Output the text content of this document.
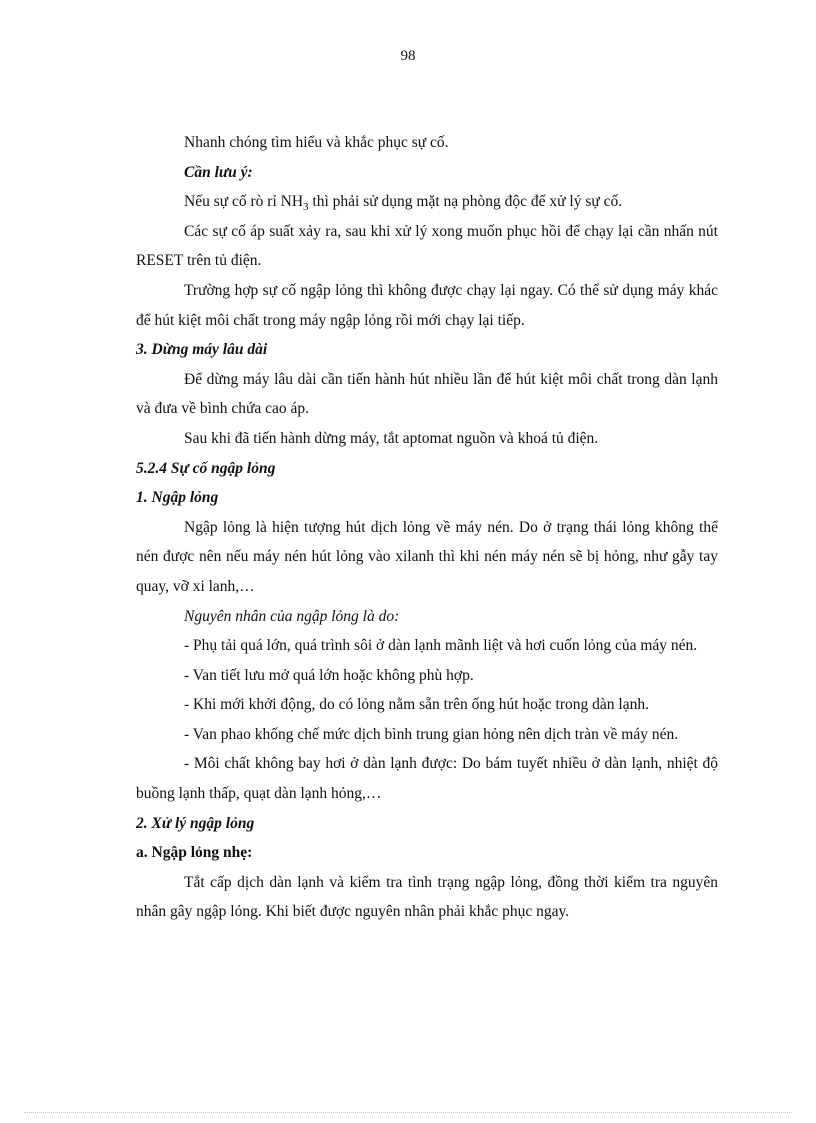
98

Nhanh chóng tìm hiểu và khắc phục sự cố.

Cần lưu ý:

Nếu sự cố rò rỉ $NH_3$ thì phải sử dụng mặt nạ phòng độc để xử lý sự cố.

Các sự cố áp suất xảy ra, sau khi xử lý xong muốn phục hồi để chạy lại cần nhấn nút RESET trên tủ điện.

Trường hợp sự cố ngập lỏng thì không được chạy lại ngay. Có thể sử dụng máy khác để hút kiệt môi chất trong máy ngập lỏng rồi mới chạy lại tiếp.

3. Dừng máy lâu dài

Để dừng máy lâu dài cần tiến hành hút nhiều lần để hút kiệt môi chất trong dàn lạnh và đưa về bình chứa cao áp.

Sau khi đã tiến hành dừng máy, tắt aptomat nguồn và khoá tủ điện.

5.2.4 Sự cố ngập lỏng

1. Ngập lỏng

Ngập lỏng là hiện tượng hút dịch lỏng về máy nén. Do ở trạng thái lỏng không thể nén được nên nếu máy nén hút lỏng vào xilanh thì khi nén máy nén sẽ bị hỏng, như gẫy tay quay, vỡ xi lanh,…

Nguyên nhân của ngập lỏng là do:

- Phụ tải quá lớn, quá trình sôi ở dàn lạnh mãnh liệt và hơi cuốn lỏng của máy nén.

- Van tiết lưu mở quá lớn hoặc không phù hợp.

- Khi mới khởi động, do có lỏng nằm sẵn trên ống hút hoặc trong dàn lạnh.

- Van phao khống chế mức dịch bình trung gian hỏng nên dịch tràn về máy nén.

- Môi chất không bay hơi ở dàn lạnh được: Do bám tuyết nhiều ở dàn lạnh, nhiệt độ buồng lạnh thấp, quạt dàn lạnh hỏng,…

2. Xử lý ngập lỏng

a. Ngập lỏng nhẹ:

Tắt cấp dịch dàn lạnh và kiểm tra tình trạng ngập lỏng, đồng thời kiểm tra nguyên nhân gây ngập lỏng. Khi biết được nguyên nhân phải khắc phục ngay.
